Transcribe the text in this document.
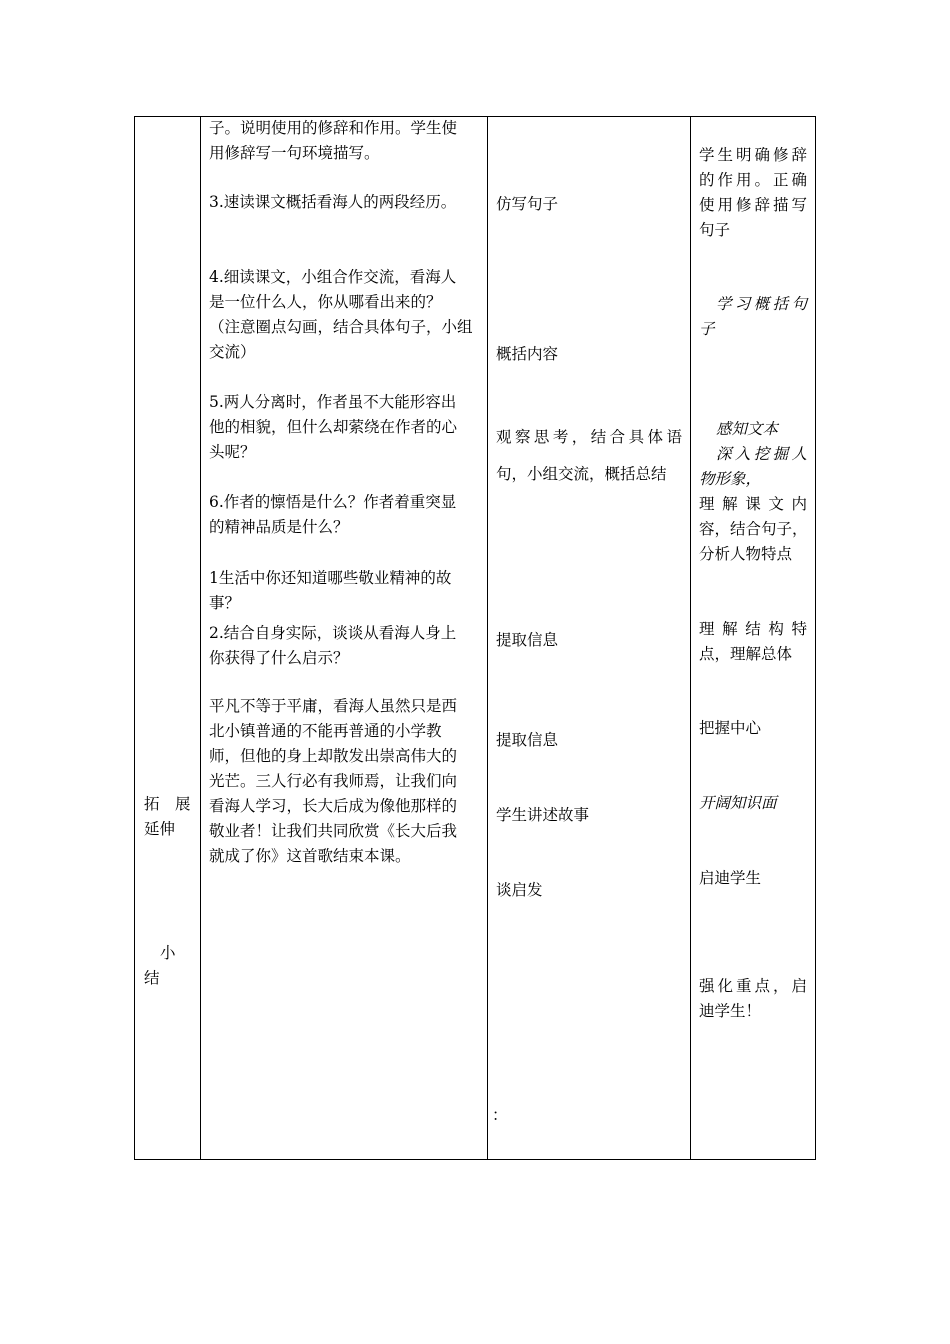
拓 展
延伸
小
结
子。说明使用的修辞和作用。学生使
用修辞写一句环境描写。
3.速读课文概括看海人的两段经历。
4.细读课文，小组合作交流，看海人
是一位什么人，你从哪看出来的？
（注意圈点勾画，结合具体句子，小组
交流）
5.两人分离时，作者虽不大能形容出
他的相貌，但什么却萦绕在作者的心
头呢？
6.作者的懔悟是什么？作者着重突显
的精神品质是什么？
1生活中你还知道哪些敬业精神的故
事？
2.结合自身实际，谈谈从看海人身上
你获得了什么启示？
平凡不等于平庸，看海人虽然只是西
北小镇普通的不能再普通的小学教
师，但他的身上却散发出崇高伟大的
光芒。三人行必有我师焉，让我们向
看海人学习，长大后成为像他那样的
敬业者！让我们共同欣赏《长大后我
就成了你》这首歌结束本课。
仿写句子
概括内容
观察思考，结合具体语
句，小组交流，概括总结
提取信息
提取信息
学生讲述故事
谈启发
：
学生明确修辞
的作用。正确
使用修辞描写
句子
学习概括句
子
感知文本
深入挖掘人
物形象，
理解课文内
容，结合句子，
分析人物特点
理解结构特
点，理解总体
把握中心
开阔知识面
启迪学生
强化重点，启
迪学生！
